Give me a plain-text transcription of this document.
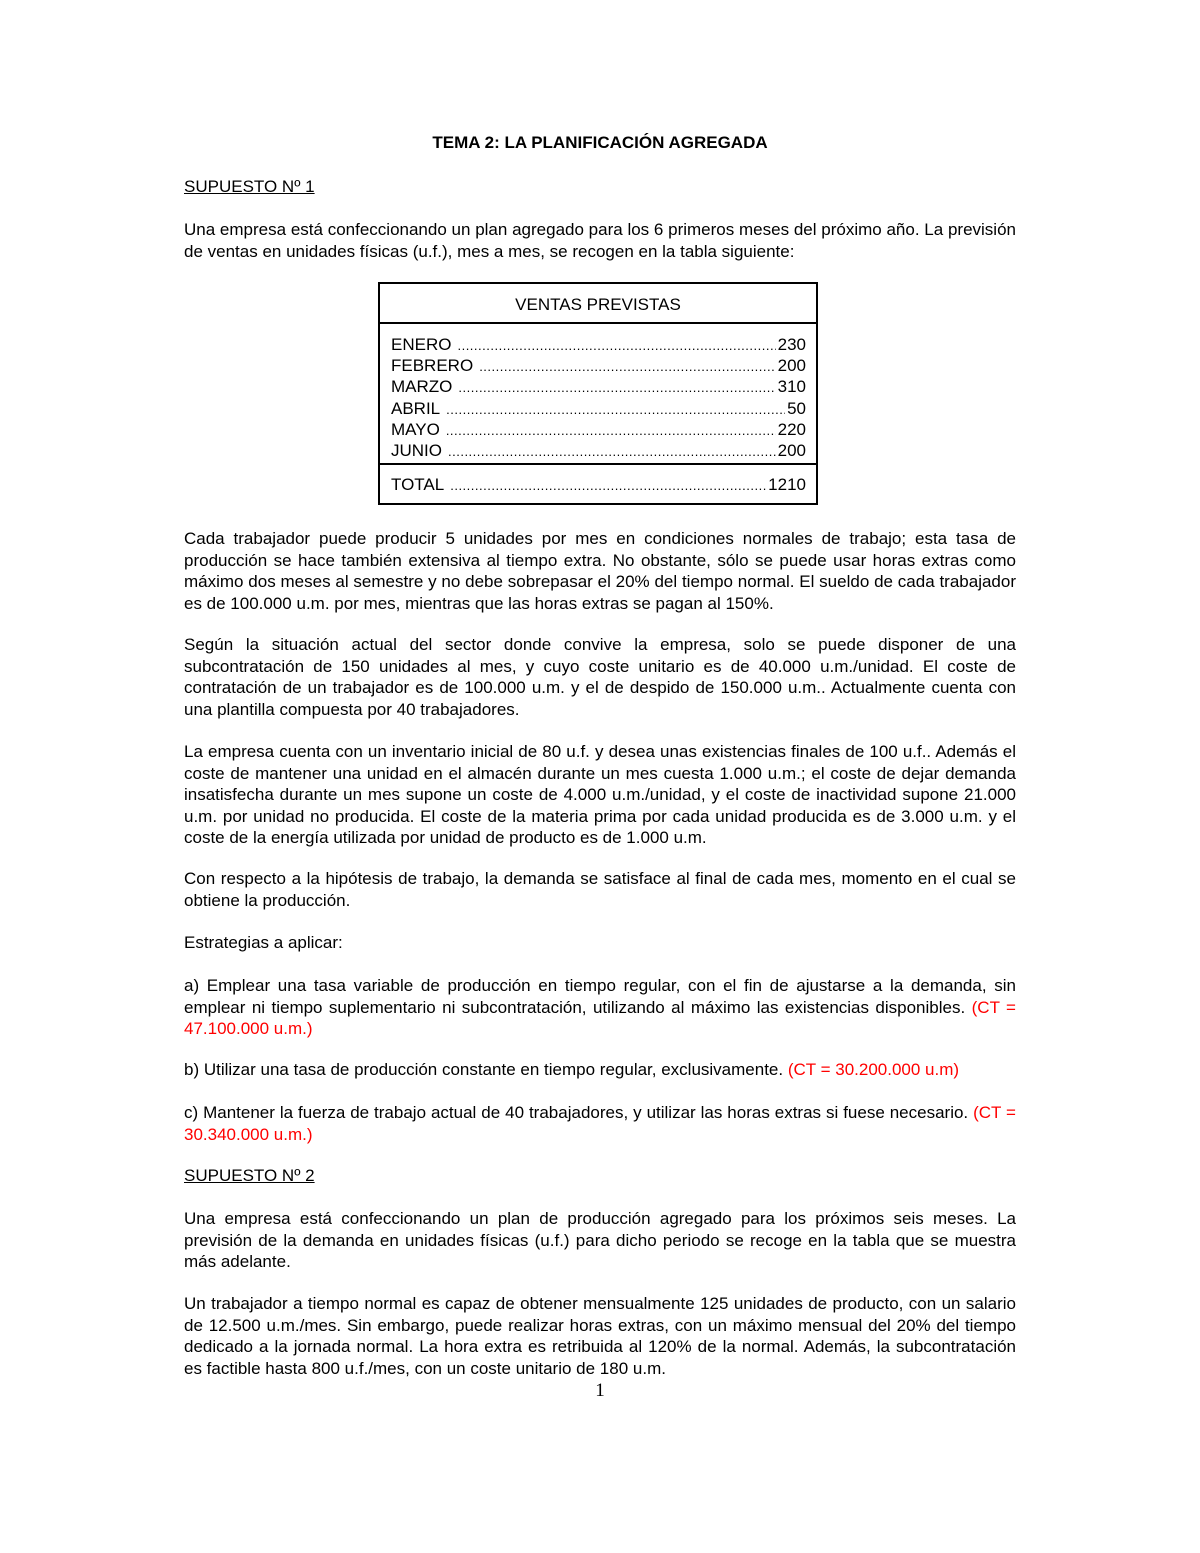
TEMA 2: LA PLANIFICACIÓN AGREGADA
SUPUESTO Nº 1

Una empresa está confeccionando un plan agregado para los 6 primeros meses del próximo año. La previsión de ventas en unidades físicas (u.f.), mes a mes, se recogen en la tabla siguiente:

VENTAS PREVISTAS
ENERO .....	230
FEBRERO .....	200
MARZO .....	310
ABRIL .....	50
MAYO .....	220
JUNIO .....	200
TOTAL .....	1210

Cada trabajador puede producir 5 unidades por mes en condiciones normales de trabajo; esta tasa de producción se hace también extensiva al tiempo extra. No obstante, sólo se puede usar horas extras como máximo dos meses al semestre y no debe sobrepasar el 20% del tiempo normal. El sueldo de cada trabajador es de 100.000 u.m. por mes, mientras que las horas extras se pagan al 150%.

Según la situación actual del sector donde convive la empresa, solo se puede disponer de una subcontratación de 150 unidades al mes, y cuyo coste unitario es de 40.000 u.m./unidad. El coste de contratación de un trabajador es de 100.000 u.m. y el de despido de 150.000 u.m.. Actualmente cuenta con una plantilla compuesta por 40 trabajadores.

La empresa cuenta con un inventario inicial de 80 u.f. y desea unas existencias finales de 100 u.f.. Además el coste de mantener una unidad en el almacén durante un mes cuesta 1.000 u.m.; el coste de dejar demanda insatisfecha durante un mes supone un coste de 4.000 u.m./unidad, y el coste de inactividad supone 21.000 u.m. por unidad no producida. El coste de la materia prima por cada unidad producida es de 3.000 u.m. y el coste de la energía utilizada por unidad de producto es de 1.000 u.m.

Con respecto a la hipótesis de trabajo, la demanda se satisface al final de cada mes, momento en el cual se obtiene la producción.

Estrategias a aplicar:

a) Emplear una tasa variable de producción en tiempo regular, con el fin de ajustarse a la demanda, sin emplear ni tiempo suplementario ni subcontratación, utilizando al máximo las existencias disponibles. (CT = 47.100.000 u.m.)

b) Utilizar una tasa de producción constante en tiempo regular, exclusivamente. (CT = 30.200.000 u.m)

c) Mantener la fuerza de trabajo actual de 40 trabajadores, y utilizar las horas extras si fuese necesario. (CT = 30.340.000 u.m.)

SUPUESTO Nº 2

Una empresa está confeccionando un plan de producción agregado para los próximos seis meses. La previsión de la demanda en unidades físicas (u.f.) para dicho periodo se recoge en la tabla que se muestra más adelante.

Un trabajador a tiempo normal es capaz de obtener mensualmente 125 unidades de producto, con un salario de 12.500 u.m./mes. Sin embargo, puede realizar horas extras, con un máximo mensual del 20% del tiempo dedicado a la jornada normal. La hora extra es retribuida al 120% de la normal. Además, la subcontratación es factible hasta 800 u.f./mes, con un coste unitario de 180 u.m.

1
